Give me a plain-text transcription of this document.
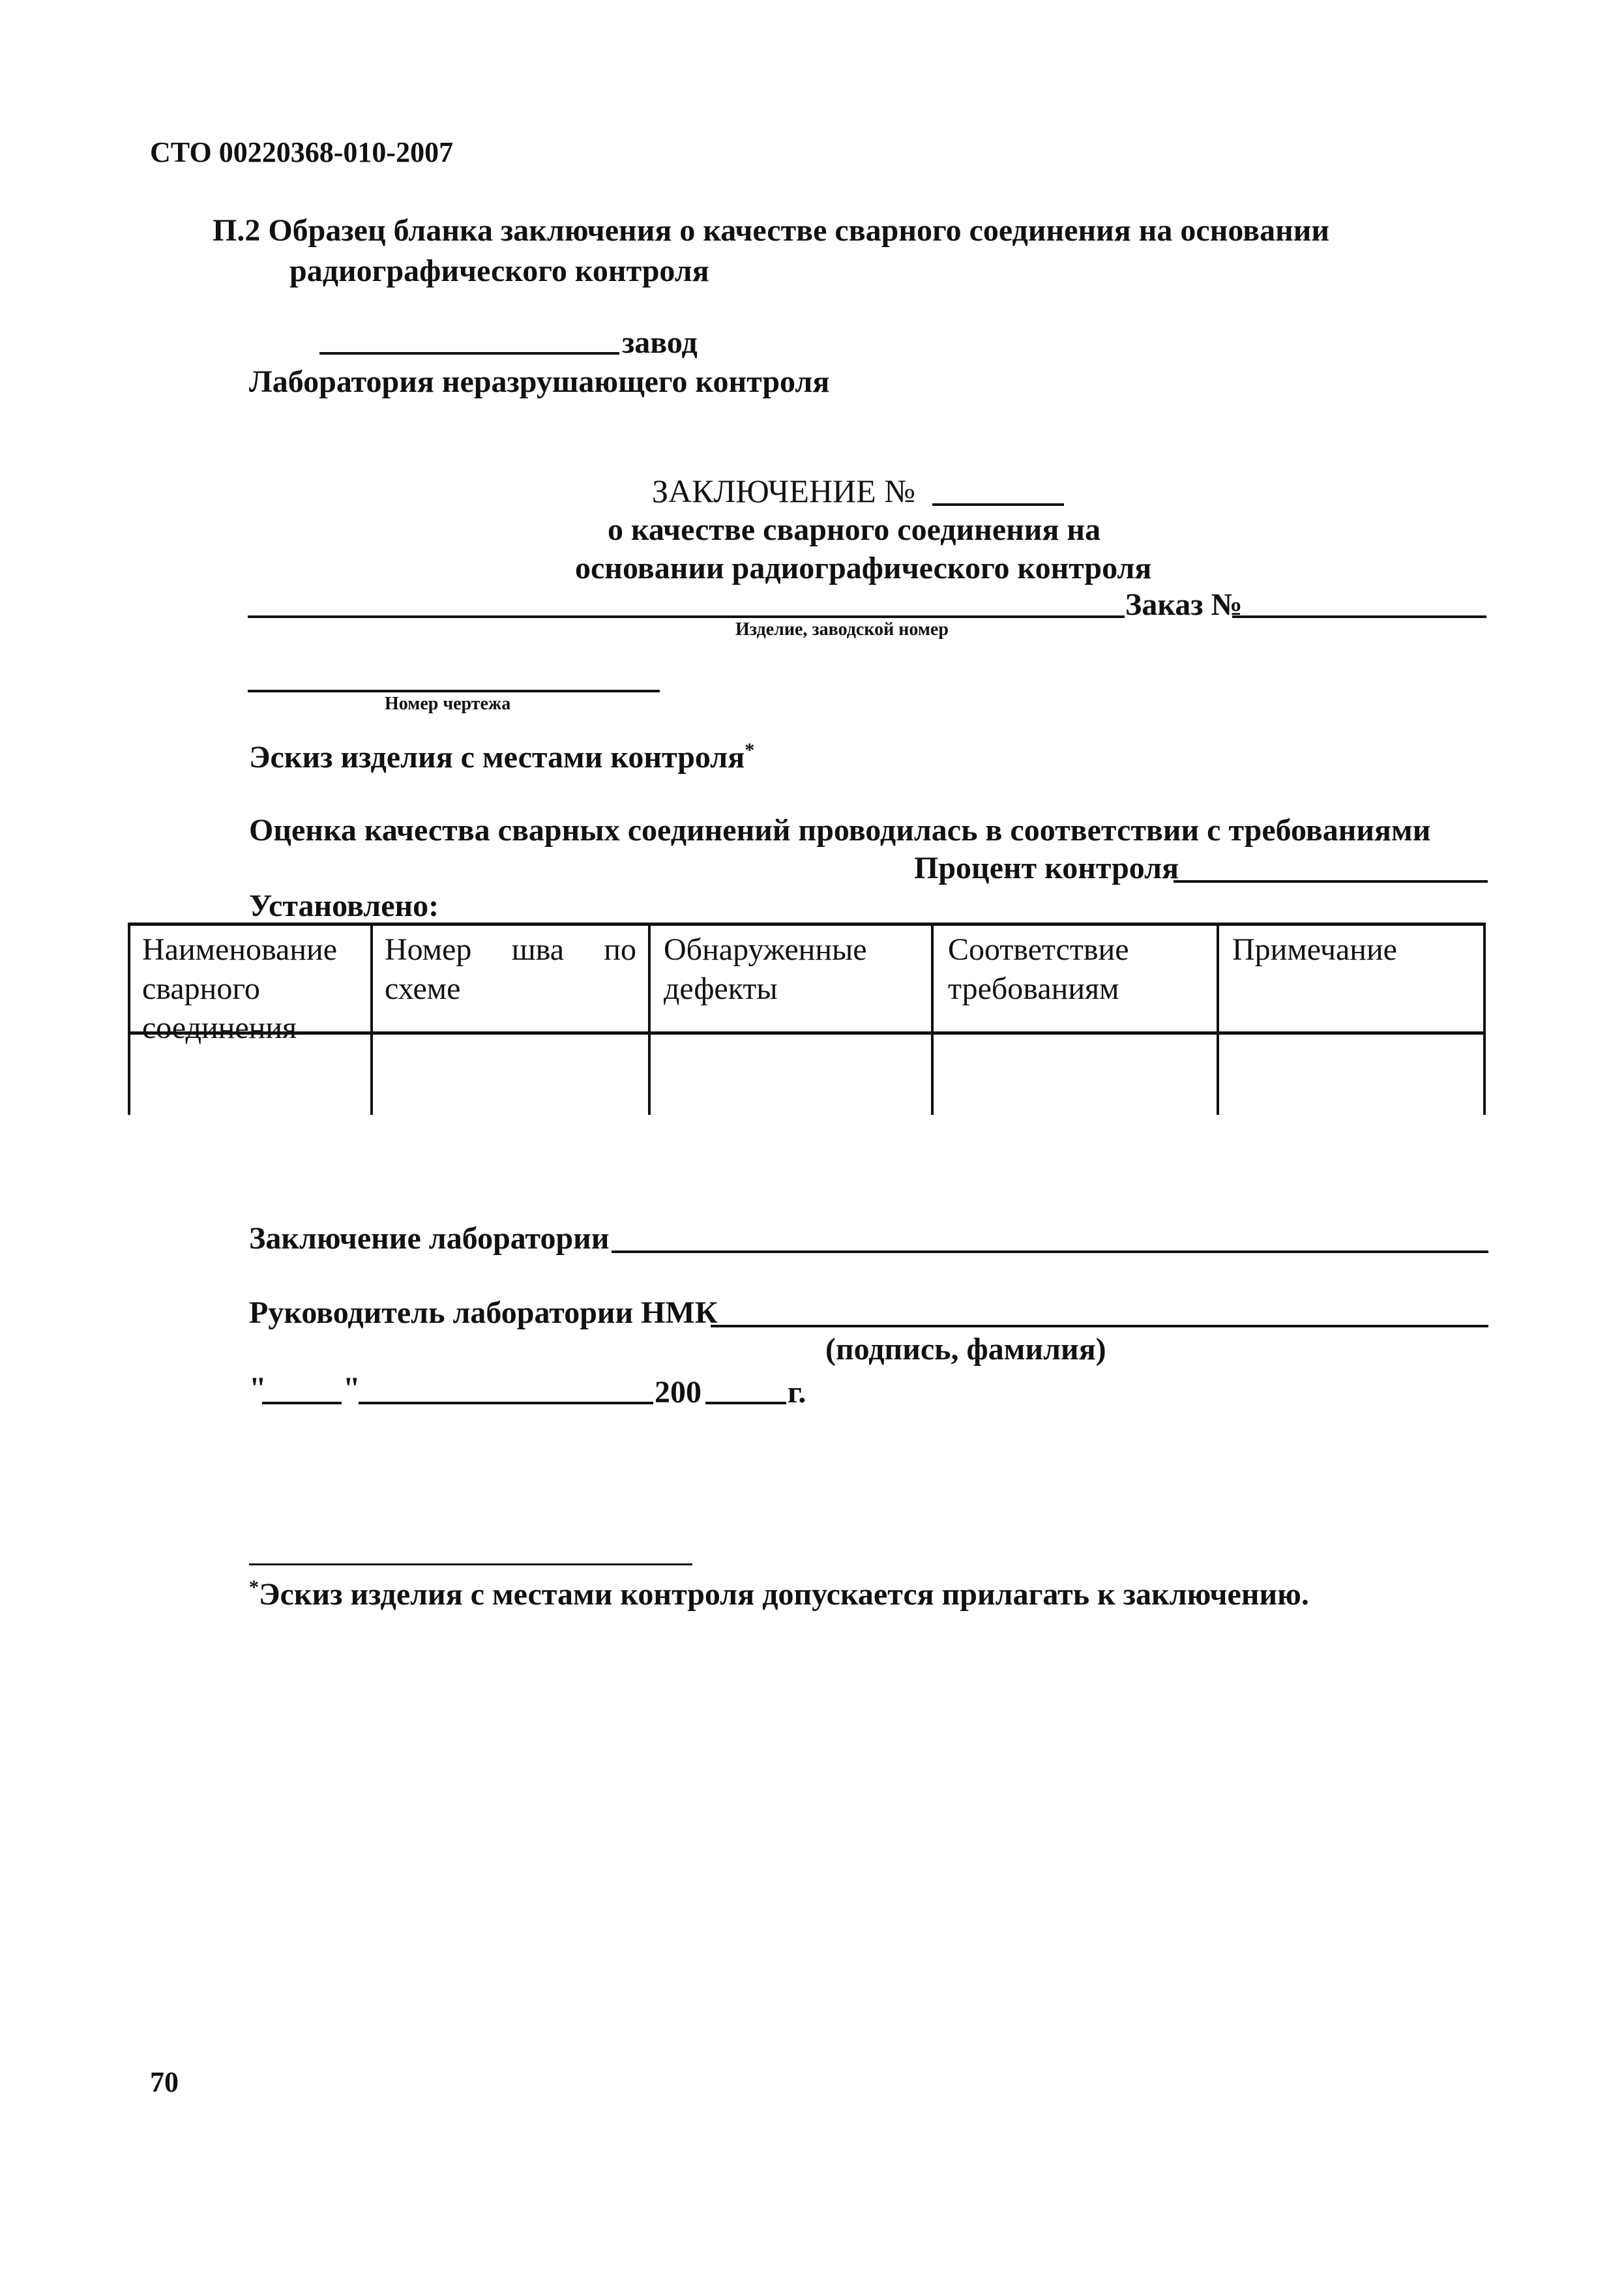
СТО 00220368-010-2007
П.2 Образец бланка заключения о качестве сварного соединения на основании
радиографического контроля
завод
Лаборатория неразрушающего контроля
ЗАКЛЮЧЕНИЕ №
о качестве сварного соединения на
основании радиографического контроля
Заказ №
Изделие, заводской номер
Номер чертежа
Эскиз изделия с местами контроля*
Оценка качества сварных соединений проводилась в соответствии с требованиями
Процент контроля
Установлено:
Наименование
сварного
соединения
Номер шва по
схеме
Обнаруженные
дефекты
Соответствие
требованиям
Примечание
Заключение лаборатории
Руководитель лаборатории НМК
(подпись, фамилия)
" "	200	г.
*Эскиз изделия с местами контроля допускается прилагать к заключению.
70
